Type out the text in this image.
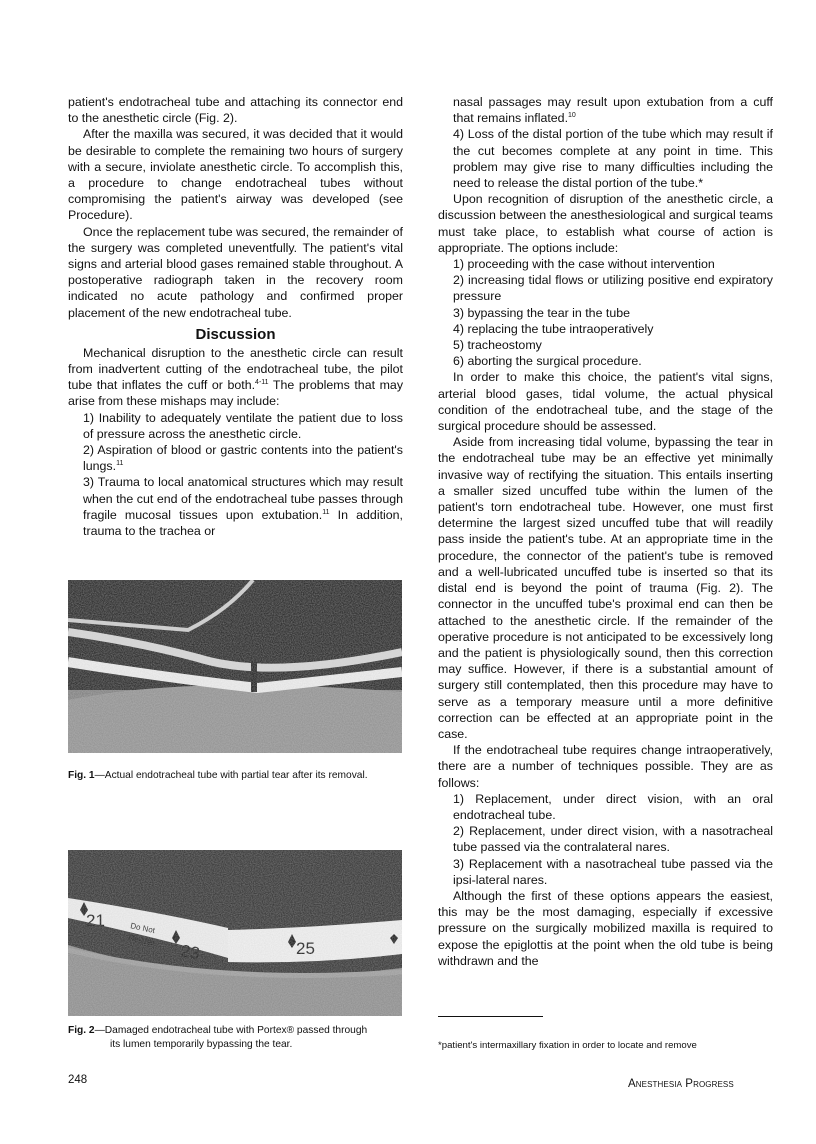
patient's endotracheal tube and attaching its connector end to the anesthetic circle (Fig. 2).

After the maxilla was secured, it was decided that it would be desirable to complete the remaining two hours of surgery with a secure, inviolate anesthetic circle. To accomplish this, a procedure to change endotracheal tubes without compromising the patient's airway was developed (see Procedure).

Once the replacement tube was secured, the remainder of the surgery was completed uneventfully. The patient's vital signs and arterial blood gases remained stable throughout. A postoperative radiograph taken in the recovery room indicated no acute pathology and confirmed proper placement of the new endotracheal tube.

Discussion

Mechanical disruption to the anesthetic circle can result from inadvertent cutting of the endotracheal tube, the pilot tube that inflates the cuff or both.$^{4-11}$ The problems that may arise from these mishaps may include:

1) Inability to adequately ventilate the patient due to loss of pressure across the anesthetic circle.

2) Aspiration of blood or gastric contents into the patient's lungs.$^{11}$

3) Trauma to local anatomical structures which may result when the cut end of the endotracheal tube passes through fragile mucosal tissues upon extubation.$^{11}$ In addition, trauma to the trachea or

Fig. 1—Actual endotracheal tube with partial tear after its removal.
Fig. 2—Damaged endotracheal tube with Portex® passed through
its lumen temporarily bypassing the tear.
248

nasal passages may result upon extubation from a cuff that remains inflated.$^{10}$

4) Loss of the distal portion of the tube which may result if the cut becomes complete at any point in time. This problem may give rise to many difficulties including the need to release the distal portion of the tube.*

Upon recognition of disruption of the anesthetic circle, a discussion between the anesthesiological and surgical teams must take place, to establish what course of action is appropriate. The options include:

1) proceeding with the case without intervention

2) increasing tidal flows or utilizing positive end expiratory pressure

3) bypassing the tear in the tube

4) replacing the tube intraoperatively

5) tracheostomy

6) aborting the surgical procedure.

In order to make this choice, the patient's vital signs, arterial blood gases, tidal volume, the actual physical condition of the endotracheal tube, and the stage of the surgical procedure should be assessed.

Aside from increasing tidal volume, bypassing the tear in the endotracheal tube may be an effective yet minimally invasive way of rectifying the situation. This entails inserting a smaller sized uncuffed tube within the lumen of the patient's torn endotracheal tube. However, one must first determine the largest sized uncuffed tube that will readily pass inside the patient's tube. At an appropriate time in the procedure, the connector of the patient's tube is removed and a well-lubricated uncuffed tube is inserted so that its distal end is beyond the point of trauma (Fig. 2). The connector in the uncuffed tube's proximal end can then be attached to the anesthetic circle. If the remainder of the operative procedure is not anticipated to be excessively long and the patient is physiologically sound, then this correction may suffice. However, if there is a substantial amount of surgery still contemplated, then this procedure may have to serve as a temporary measure until a more definitive correction can be effected at an appropriate point in the case.

If the endotracheal tube requires change intraoperatively, there are a number of techniques possible. They are as follows:

1) Replacement, under direct vision, with an oral endotracheal tube.

2) Replacement, under direct vision, with a nasotracheal tube passed via the contralateral nares.

3) Replacement with a nasotracheal tube passed via the ipsi-lateral nares.

Although the first of these options appears the easiest, this may be the most damaging, especially if excessive pressure on the surgically mobilized maxilla is required to expose the epiglottis at the point when the old tube is being withdrawn and the

*patient's intermaxillary fixation in order to locate and remove
Anesthesia Progress
